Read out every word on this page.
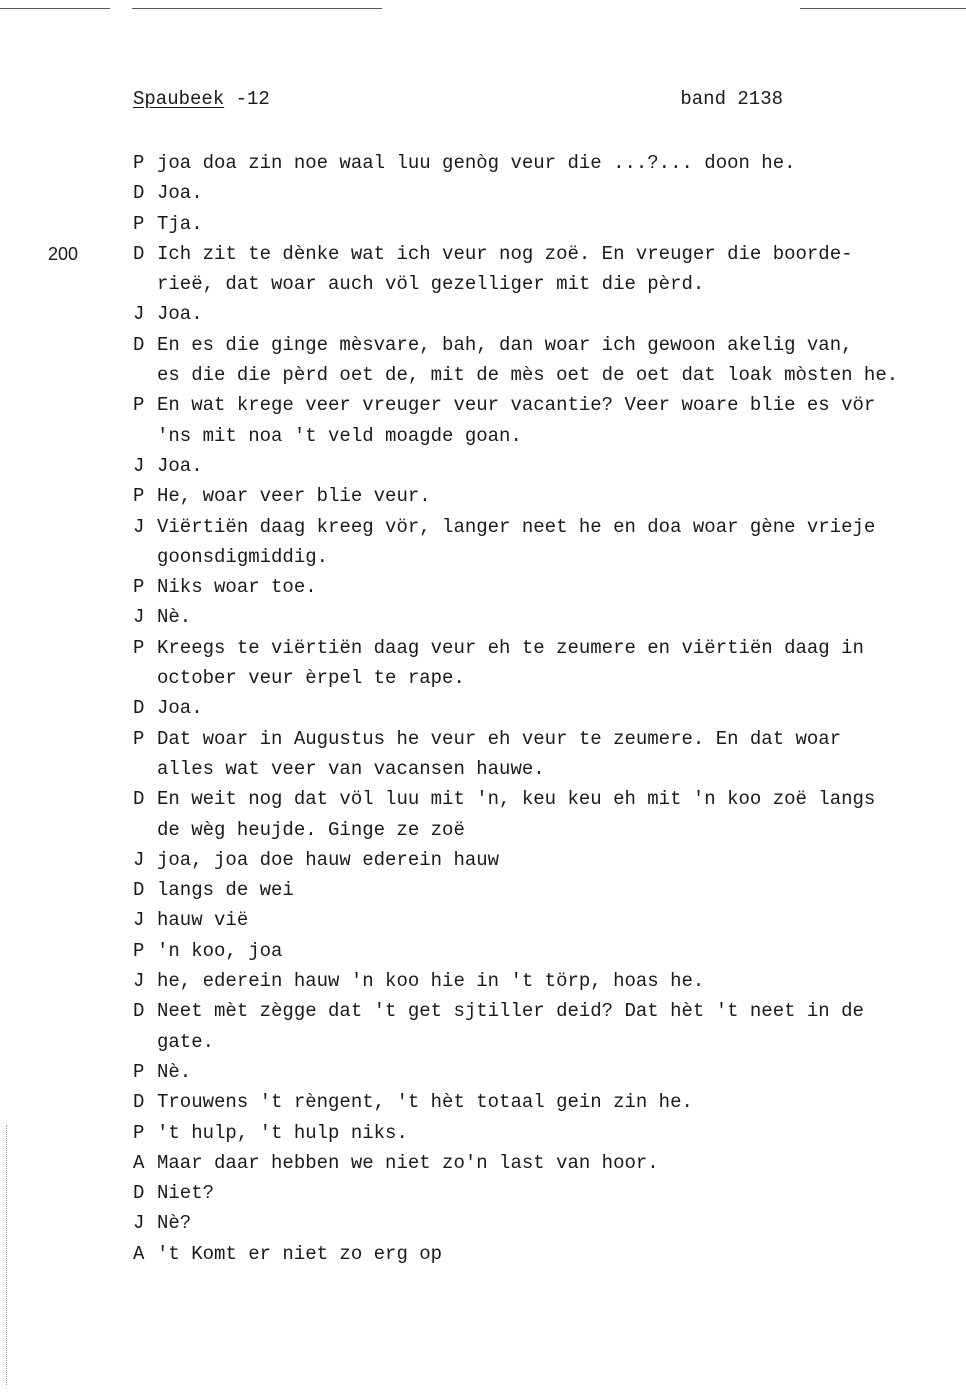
Spaubeek -12	band 2138
P joa doa zin noe waal luu genòg veur die ...?... doon he.
D Joa.
P Tja.
200	D Ich zit te dènke wat ich veur nog zoë. En vreuger die boorde-
rieë, dat woar auch völ gezelliger mit die pèrd.
J Joa.
D En es die ginge mèsvare, bah, dan woar ich gewoon akelig van,
es die die pèrd oet de, mit de mès oet de oet dat loak mòsten he.
P En wat krege veer vreuger veur vacantie? Veer woare blie es vör
'ns mit noa 't veld moagde goan.
J Joa.
P He, woar veer blie veur.
J Viërtiën daag kreeg vör, langer neet he en doa woar gène vrieje
goonsdigmiddig.
P Niks woar toe.
J Nè.
P Kreegs te viërtiën daag veur eh te zeumere en viërtiën daag in
october veur èrpel te rape.
D Joa.
P Dat woar in Augustus he veur eh veur te zeumere. En dat woar
alles wat veer van vacansen hauwe.
D En weit nog dat völ luu mit 'n, keu keu eh mit 'n koo zoë langs
de wèg heujde. Ginge ze zoë
J joa, joa doe hauw ederein hauw
D langs de wei
J hauw vië
P 'n koo, joa
J he, ederein hauw 'n koo hie in 't törp, hoas he.
D Neet mèt zègge dat 't get sjtiller deid? Dat hèt 't neet in de
gate.
P Nè.
D Trouwens 't rèngent, 't hèt totaal gein zin he.
P 't hulp, 't hulp niks.
A Maar daar hebben we niet zo'n last van hoor.
D Niet?
J Nè?
A 't Komt er niet zo erg op
